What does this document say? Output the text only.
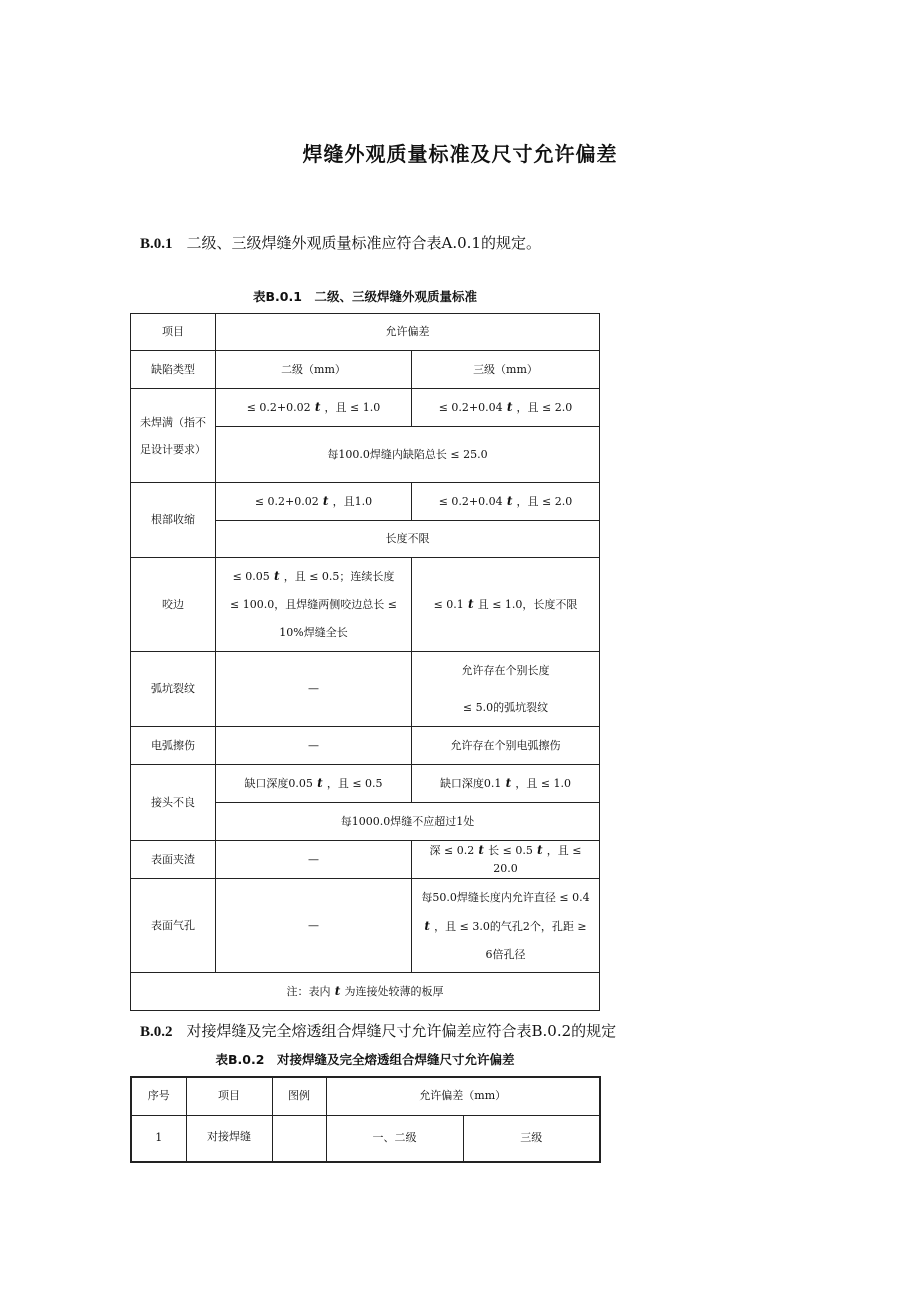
焊缝外观质量标准及尺寸允许偏差
B.0.1 二级、三级焊缝外观质量标准应符合表A.0.1的规定。
表B.0.1　二级、三级焊缝外观质量标准
项目	允许偏差	
缺陷类型	二级（mm）	三级（mm）
未焊满（指不足设计要求）	≤ 0.2+0.02 t ，且 ≤ 1.0	≤ 0.2+0.04 t ，且 ≤ 2.0
	每100.0焊缝内缺陷总长 ≤ 25.0	
根部收缩	≤ 0.2+0.02 t ，且1.0	≤ 0.2+0.04 t ，且 ≤ 2.0
	长度不限	
咬边	≤ 0.05 t ，且 ≤ 0.5；连续长度 ≤ 100.0，且焊缝两侧咬边总长 ≤ 10%焊缝全长	≤ 0.1 t 且 ≤ 1.0，长度不限
弧坑裂纹	—	允许存在个别长度
≤ 5.0的弧坑裂纹

电弧擦伤	—	允许存在个别电弧擦伤
接头不良	缺口深度0.05 t ，且 ≤ 0.5	缺口深度0.1 t ，且 ≤ 1.0
	每1000.0焊缝不应超过1处	
表面夹渣	—	深 ≤ 0.2 t 长 ≤ 0.5 t ，且 ≤ 20.0
表面气孔	—	每50.0焊缝长度内允许直径 ≤ 0.4 t ，且 ≤ 3.0的气孔2个，孔距 ≥ 6倍孔径
注：表内 t 为连接处较薄的板厚		
B.0.2 对接焊缝及完全熔透组合焊缝尺寸允许偏差应符合表B.0.2的规定
表B.0.2　对接焊缝及完全熔透组合焊缝尺寸允许偏差
序号	项目	图例	允许偏差（mm）	
1	对接焊缝		一、二级	三级
